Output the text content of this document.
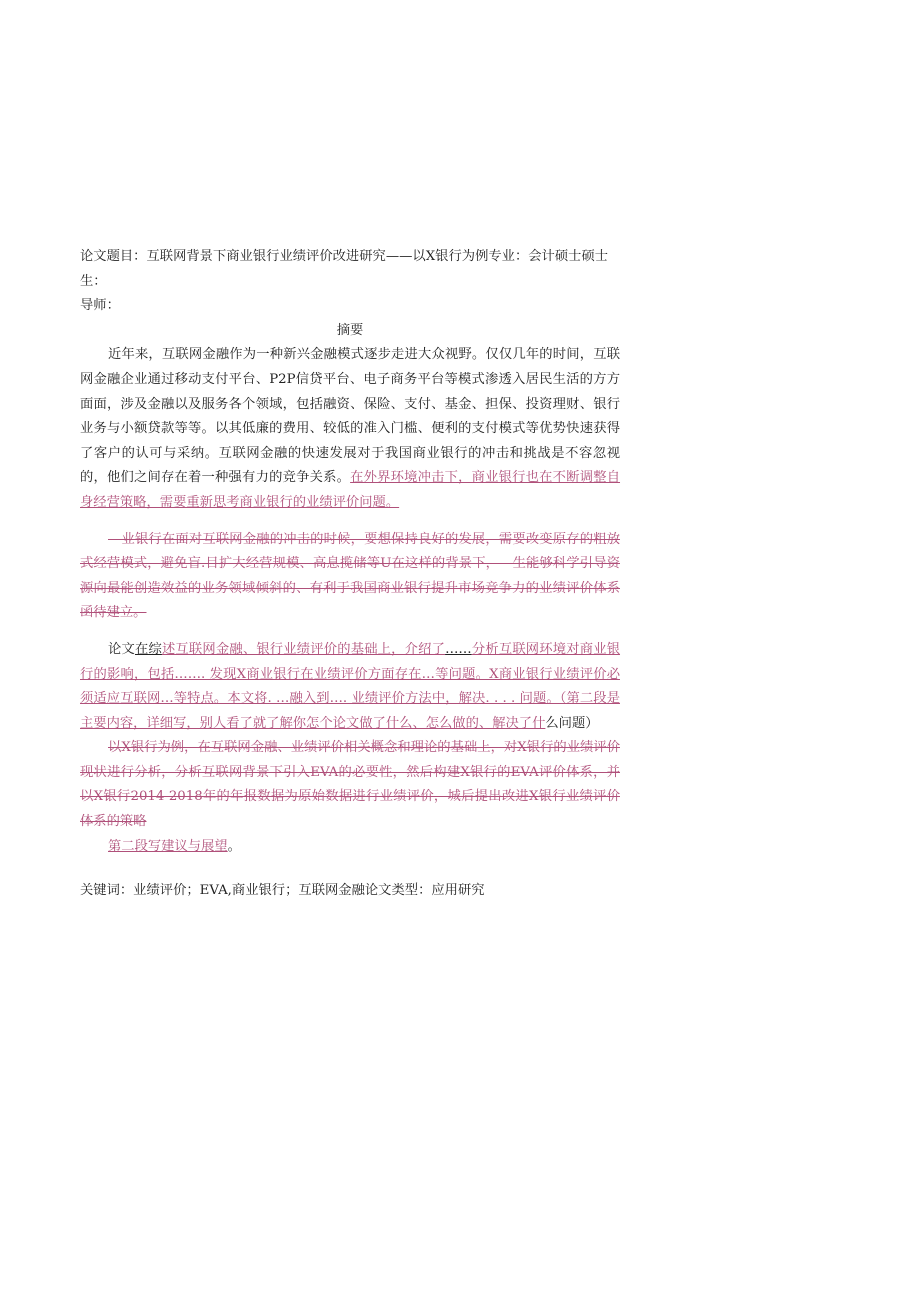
论文题目：互联网背景下商业银行业绩评价改进研究——以X银行为例专业：会计硕士硕士
生：
导师：
摘要

近年来，互联网金融作为一种新兴金融模式逐步走进大众视野。仅仅几年的时间，互联网金融企业通过移动支付平台、P2P信贷平台、电子商务平台等模式渗透入居民生活的方方面面，涉及金融以及服务各个领域，包括融资、保险、支付、基金、担保、投资理财、银行业务与小额贷款等等。以其低廉的费用、较低的准入门槛、便利的支付模式等优势快速获得了客户的认可与采纳。互联网金融的快速发展对于我国商业银行的冲击和挑战是不容忽视的，他们之间存在着一种强有力的竞争关系。在外界环境冲击下，商业银行也在不断调整自身经营策略，需要重新思考商业银行的业绩评价问题。

—业银行在面对互联网金融的冲击的时候，要想保持良好的发展，需要改变原存的粗放式经营模式，避免盲.目扩大经营规模、高息揽储等U在这样的背景下，—生能够科学引导资源向最能创造效益的业务领域倾斜的、有利于我国商业银行提升市场竞争力的业绩评价体系函待建立。

论文在综述互联网金融、银行业绩评价的基础上，介绍了……分析互联网环境对商业银行的影响，包括……. 发现X商业银行在业绩评价方面存在…等问题。X商业银行业绩评价必须适应互联网…等特点。本文将. …融入到…. 业绩评价方法中，解决. . . . 问题。（第二段是主要内容，详细写，别人看了就了解你怎个论文做了什么、怎么做的、解决了什么问题）

以X银行为例，在互联网金融、业绩评价相关概念和理论的基础上，对X银行的业绩评价现状进行分析，分析互联网背景下引入EVA的必要性，然后构建X银行的EVA评价体系，并以X银行2014-2018年的年报数据为原始数据进行业绩评价，城后提出改进X银行业绩评价体系的策略

第二段写建议与展望。

关键词：业绩评价；EVA,商业银行；互联网金融论文类型：应用研究
